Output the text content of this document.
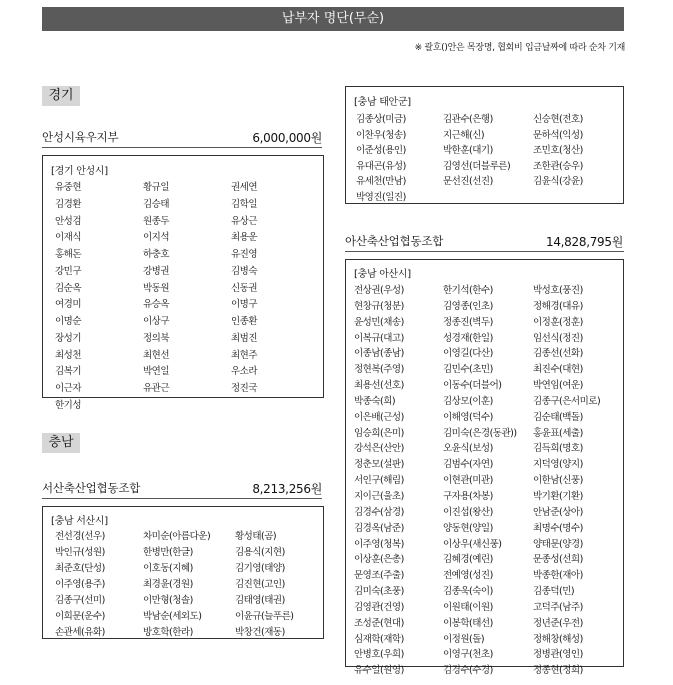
납부자 명단(무순)
※ 괄호()안은 목장명, 협회비 입금날짜에 따라 순차 기재
경기
안성시육우지부	6,000,000원
[경기 안성시]
유중현	황규일	권세연
김경환	김승태	김학일
안성검	원종두	유상근
이재식	이지석	최용운
홍해돈	하충호	유진영
강민구	강병권	김병숙
김순옥	박동원	신동권
여경미	유승옥	이명구
이명순	이상구	인종환
장성기	정의북	최범진
최성천	최현선	최현주
김복기	박연일	우소라
이근자	유관근	정진국
한기성
충남
서산축산업협동조합	8,213,256원
[충남 서산시]
전선경(선우)	차미순(아름다운)	황성태(곰)
박인규(성원)	한병만(한글)	김용식(지현)
최준호(단성)	이호동(지혜)	김기영(태양)
이주영(용주)	최경윤(경원)	김진현(고인)
김종구(선미)	이만형(청솔)	김태영(태권)
이희문(운수)	박남순(세외도)	이윤규(늘푸른)
손관세(유화)	방호학(한라)	박창건(재동)
[충남 태안군]
김종상(미금)	김관수(은행)	신승현(전호)
이찬우(청송)	지근해(신)	문하석(익성)
이준성(용인)	박한훈(대기)	조민호(청산)
유대곤(유성)	김영선(더블루른)	조한관(승우)
유세천(만남)	문선진(선진)	김윤식(강윤)
박영진(일진)
아산축산업협동조합	14,828,795원
[충남 아산시]
전상권(우성)	한기석(한수)	박성호(풍진)
현창규(청분)	김영종(인초)	정해경(대유)
윤성민(채송)	정종진(벽두)	이정훈(정훈)
이복규(대고)	성경재(한일)	임선식(정진)
이종남(종남)	이영길(다산)	김종선(선화)
정현복(주영)	김민수(초민)	최진수(대현)
최용선(선호)	이동수(더블어)	박연임(여운)
박종숙(희)	김상모(이훈)	김종구(은서미로)
이은배(근성)	이해영(덕수)	김순태(백돌)
임승희(은미)	김미숙(은경(동관))	홍윤표(세출)
강석은(산안)	오윤식(보성)	김득희(명호)
정춘모(설판)	김범수(자연)	지덕영(양지)
서인구(해림)	이현관(미관)	이한남(신풍)
지이근(울초)	구자용(차봉)	박기환(기환)
김경수(삼경)	이진섭(왕산)	안남준(상아)
김경옥(남준)	양동현(양일)	최명수(명수)
이주영(청복)	이상우(새신풍)	양태문(양경)
이상훈(은총)	김혜경(예린)	문종성(선희)
문영조(주출)	전예영(성진)	박종한(재아)
김미숙(초풍)	김종욱(숙이)	김종덕(민)
김영관(건영)	이원태(이원)	고덕주(남주)
조성준(현대)	이봉학(태선)	정년준(우전)
심재학(재학)	이정원(돌)	정해창(해성)
안병호(우희)	이영구(천초)	정병관(영인)
유수일(원영)	김경수(수경)	정종현(정희)
